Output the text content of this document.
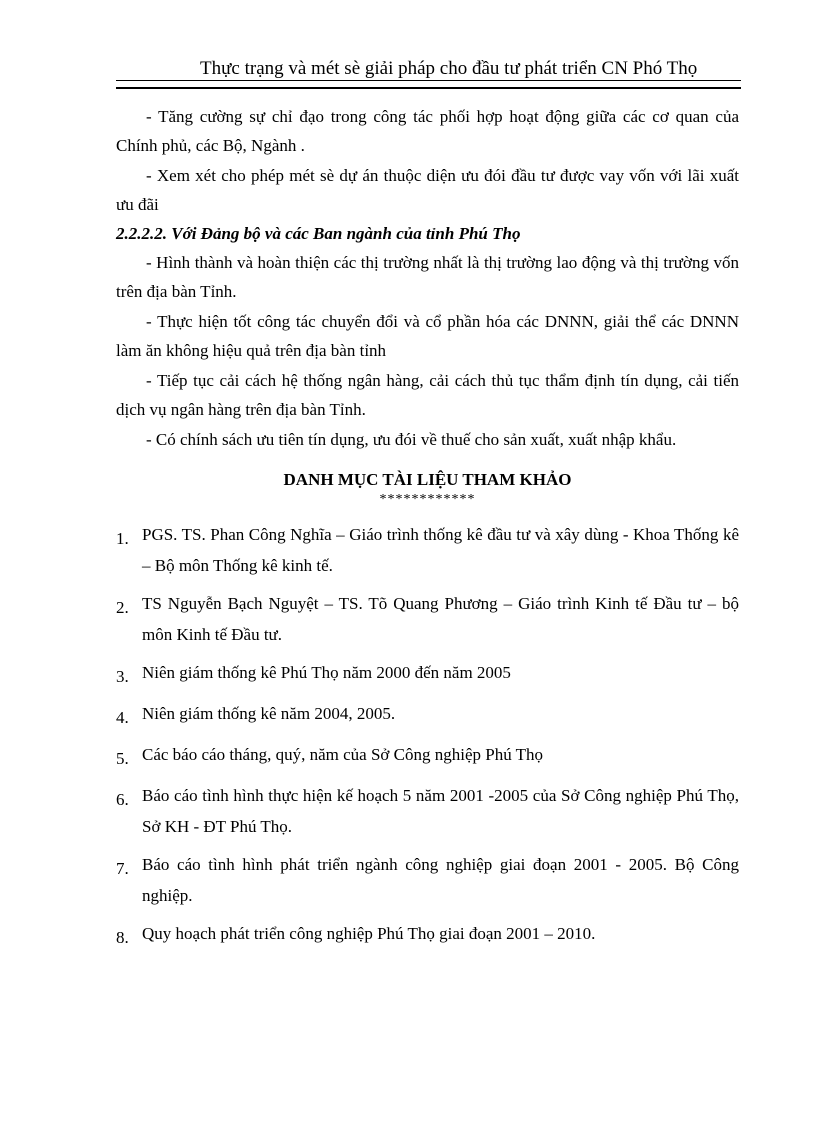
Thực trạng và mét sè giải pháp cho đầu tư phát triển CN Phó Thọ

- Tăng cường sự chỉ đạo trong công tác phối hợp hoạt động giữa các cơ quan của Chính phủ, các Bộ, Ngành .

- Xem xét cho phép mét sè dự án thuộc diện ưu đói đầu tư được vay vốn với lãi xuất ưu đãi

2.2.2.2. Với Đảng bộ và các Ban ngành của tỉnh Phú Thọ

- Hình thành và hoàn thiện các thị trường nhất là thị trường lao động và thị trường vốn trên địa bàn Tỉnh.

- Thực hiện tốt công tác chuyển đổi và cổ phần hóa các DNNN, giải thể các DNNN làm ăn không hiệu quả trên địa bàn tỉnh

- Tiếp tục cải cách hệ thống ngân hàng, cải cách thủ tục thẩm định tín dụng, cải tiến dịch vụ ngân hàng trên địa bàn Tỉnh.

- Có chính sách ưu tiên tín dụng, ưu đói về thuế cho sản xuất, xuất nhập khẩu.

DANH MỤC TÀI LIỆU THAM KHẢO

************

1. PGS. TS. Phan Công Nghĩa – Giáo trình thống kê đầu tư và xây dùng - Khoa Thống kê – Bộ môn Thống kê kinh tế.
2. TS Nguyễn Bạch Nguyệt – TS. Tõ Quang Phương – Giáo trình Kinh tế Đầu tư – bộ môn Kinh tế Đầu tư.
3. Niên giám thống kê Phú Thọ năm 2000 đến năm 2005
4. Niên giám thống kê năm 2004, 2005.
5. Các báo cáo tháng, quý, năm của Sở Công nghiệp Phú Thọ
6. Báo cáo tình hình thực hiện kế hoạch 5 năm 2001 -2005 của Sở Công nghiệp Phú Thọ, Sở KH - ĐT Phú Thọ.
7. Báo cáo tình hình phát triển ngành công nghiệp giai đoạn 2001 - 2005. Bộ Công nghiệp.
8. Quy hoạch phát triển công nghiệp Phú Thọ giai đoạn 2001 – 2010.
